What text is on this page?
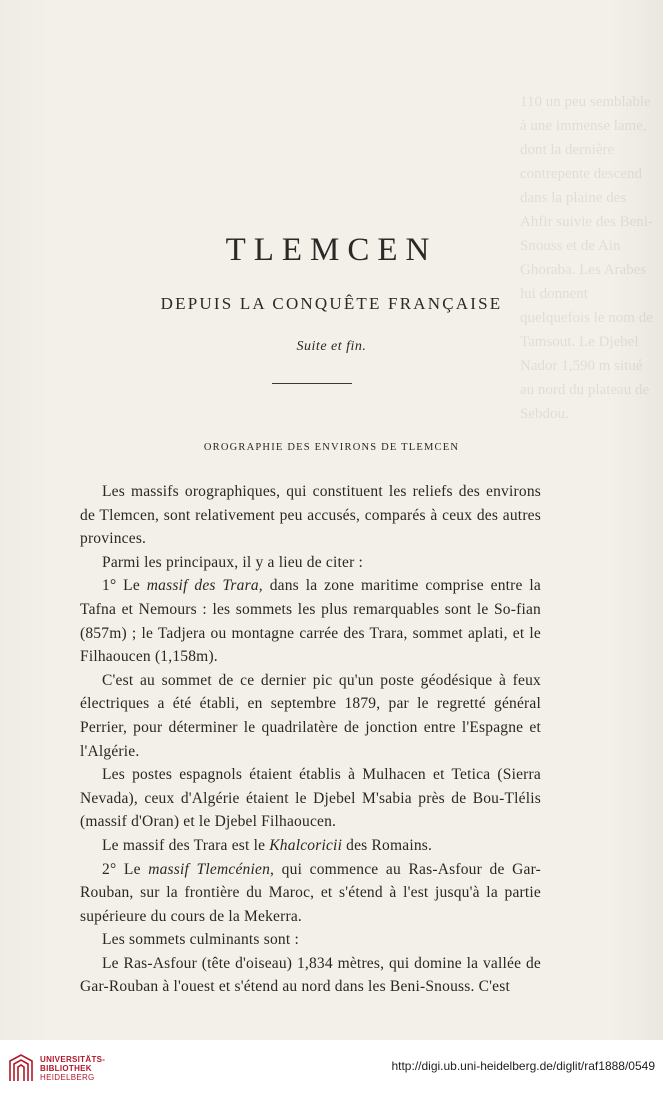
110 un peu semblable à une immense lame, dont la dernière contrepente descend dans la plaine des Ahfir suivie des Beni-Snouss et de Ain Ghoraba. Les Arabes lui donnent quelquefois le nom de Tamsout. Le Djebel Nador 1,590 m situé au nord du plateau de Sebdou.
TLEMCEN
DEPUIS LA CONQUÊTE FRANÇAISE
Suite et fin.
OROGRAPHIE DES ENVIRONS DE TLEMCEN

Les massifs orographiques, qui constituent les reliefs des environs de Tlemcen, sont relativement peu accusés, comparés à ceux des autres provinces.

Parmi les principaux, il y a lieu de citer :

1° Le massif des Trara, dans la zone maritime comprise entre la Tafna et Nemours : les sommets les plus remarquables sont le So-fian (857m) ; le Tadjera ou montagne carrée des Trara, sommet aplati, et le Filhaoucen (1,158m).

C'est au sommet de ce dernier pic qu'un poste géodésique à feux électriques a été établi, en septembre 1879, par le regretté général Perrier, pour déterminer le quadrilatère de jonction entre l'Espagne et l'Algérie.

Les postes espagnols étaient établis à Mulhacen et Tetica (Sierra Nevada), ceux d'Algérie étaient le Djebel M'sabia près de Bou-Tlélis (massif d'Oran) et le Djebel Filhaoucen.

Le massif des Trara est le Khalcoricii des Romains.

2° Le massif Tlemcénien, qui commence au Ras-Asfour de Gar-Rouban, sur la frontière du Maroc, et s'étend à l'est jusqu'à la partie supérieure du cours de la Mekerra.

Les sommets culminants sont :

Le Ras-Asfour (tête d'oiseau) 1,834 mètres, qui domine la vallée de Gar-Rouban à l'ouest et s'étend au nord dans les Beni-Snouss. C'est

UNIVERSITÄTS-
BIBLIOTHEK
HEIDELBERG
http://digi.ub.uni-heidelberg.de/diglit/raf1888/0549
